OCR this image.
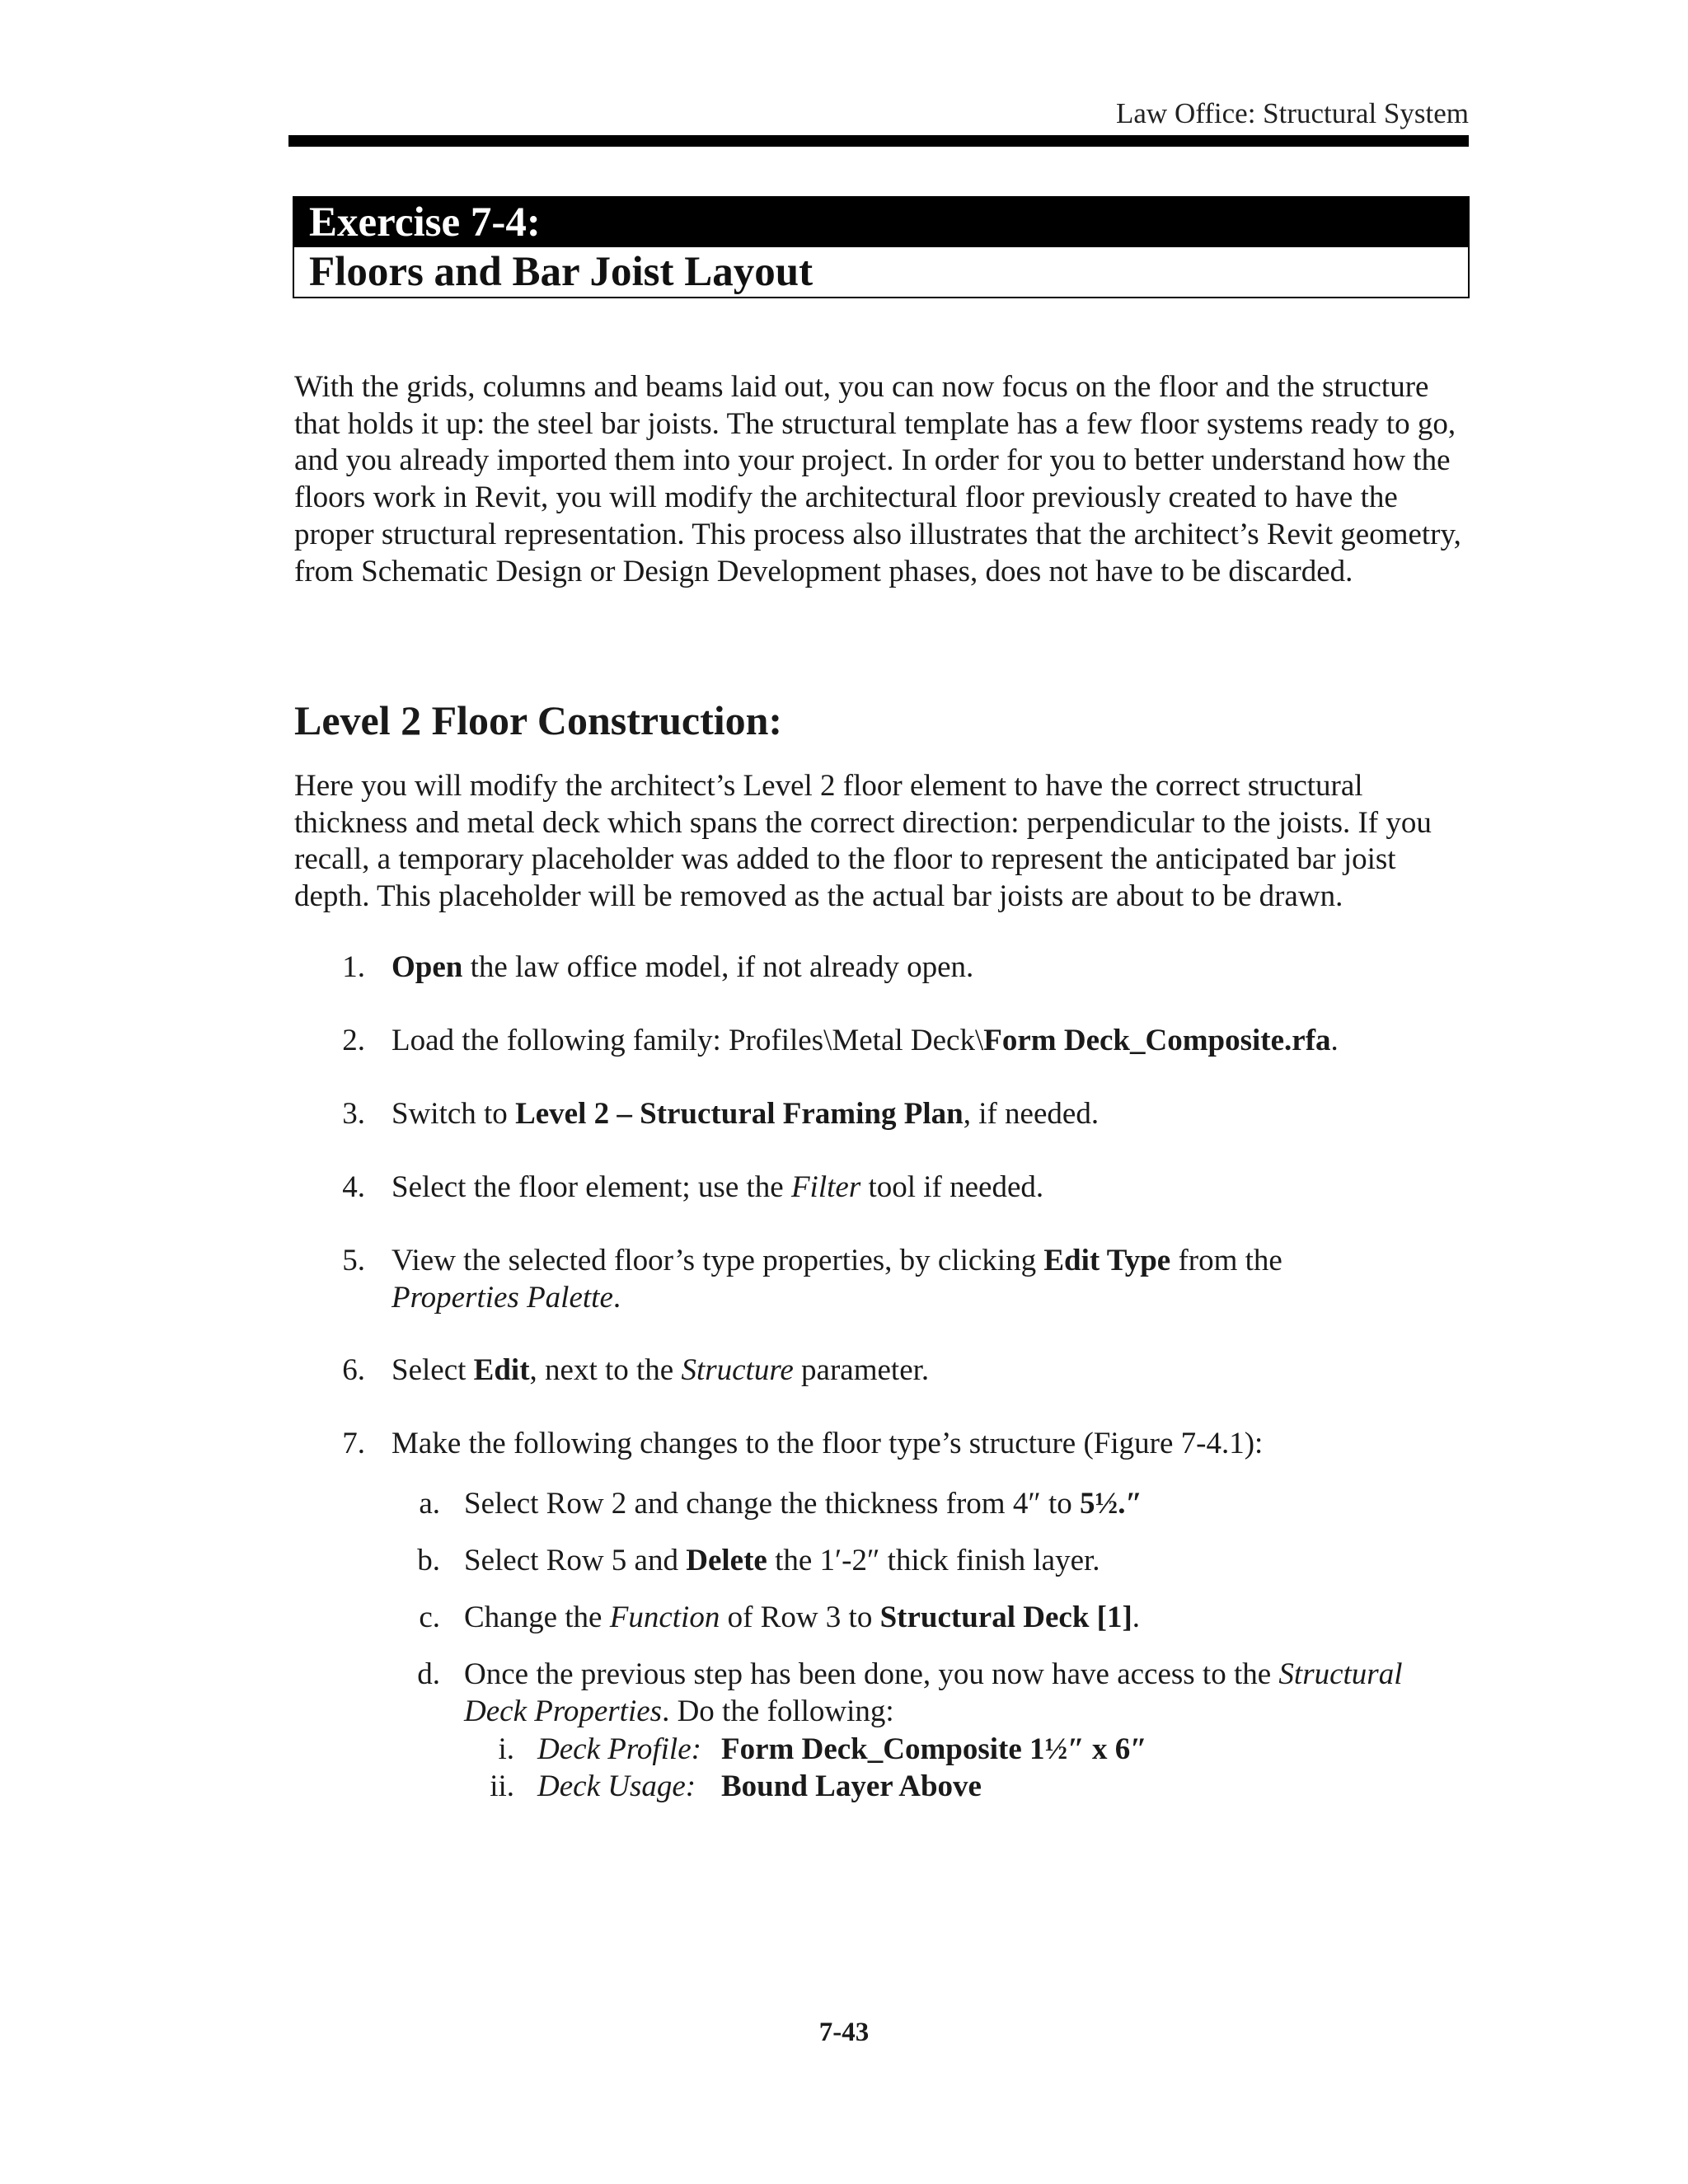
Law Office: Structural System
Exercise 7-4:
Floors and Bar Joist Layout

With the grids, columns and beams laid out, you can now focus on the floor and the structure that holds it up: the steel bar joists. The structural template has a few floor systems ready to go, and you already imported them into your project. In order for you to better understand how the floors work in Revit, you will modify the architectural floor previously created to have the proper structural representation. This process also illustrates that the architect’s Revit geometry, from Schematic Design or Design Development phases, does not have to be discarded.

Level 2 Floor Construction:

Here you will modify the architect’s Level 2 floor element to have the correct structural thickness and metal deck which spans the correct direction: perpendicular to the joists. If you recall, a temporary placeholder was added to the floor to represent the anticipated bar joist depth. This placeholder will be removed as the actual bar joists are about to be drawn.

1. Open the law office model, if not already open.
2. Load the following family: Profiles\Metal Deck\Form Deck_Composite.rfa.
3. Switch to Level 2 – Structural Framing Plan, if needed.
4. Select the floor element; use the Filter tool if needed.
5. View the selected floor’s type properties, by clicking Edit Type from the
Properties Palette.
6. Select Edit, next to the Structure parameter.
7. Make the following changes to the floor type’s structure (Figure 7-4.1):
a. Select Row 2 and change the thickness from 4″ to 5½.″
b. Select Row 5 and Delete the 1′-2″ thick finish layer.
c. Change the Function of Row 3 to Structural Deck [1].
d. Once the previous step has been done, you now have access to the Structural
Deck Properties. Do the following:
i. Deck Profile: Form Deck_Composite 1½″ x 6″
ii. Deck Usage: Bound Layer Above
7-43
